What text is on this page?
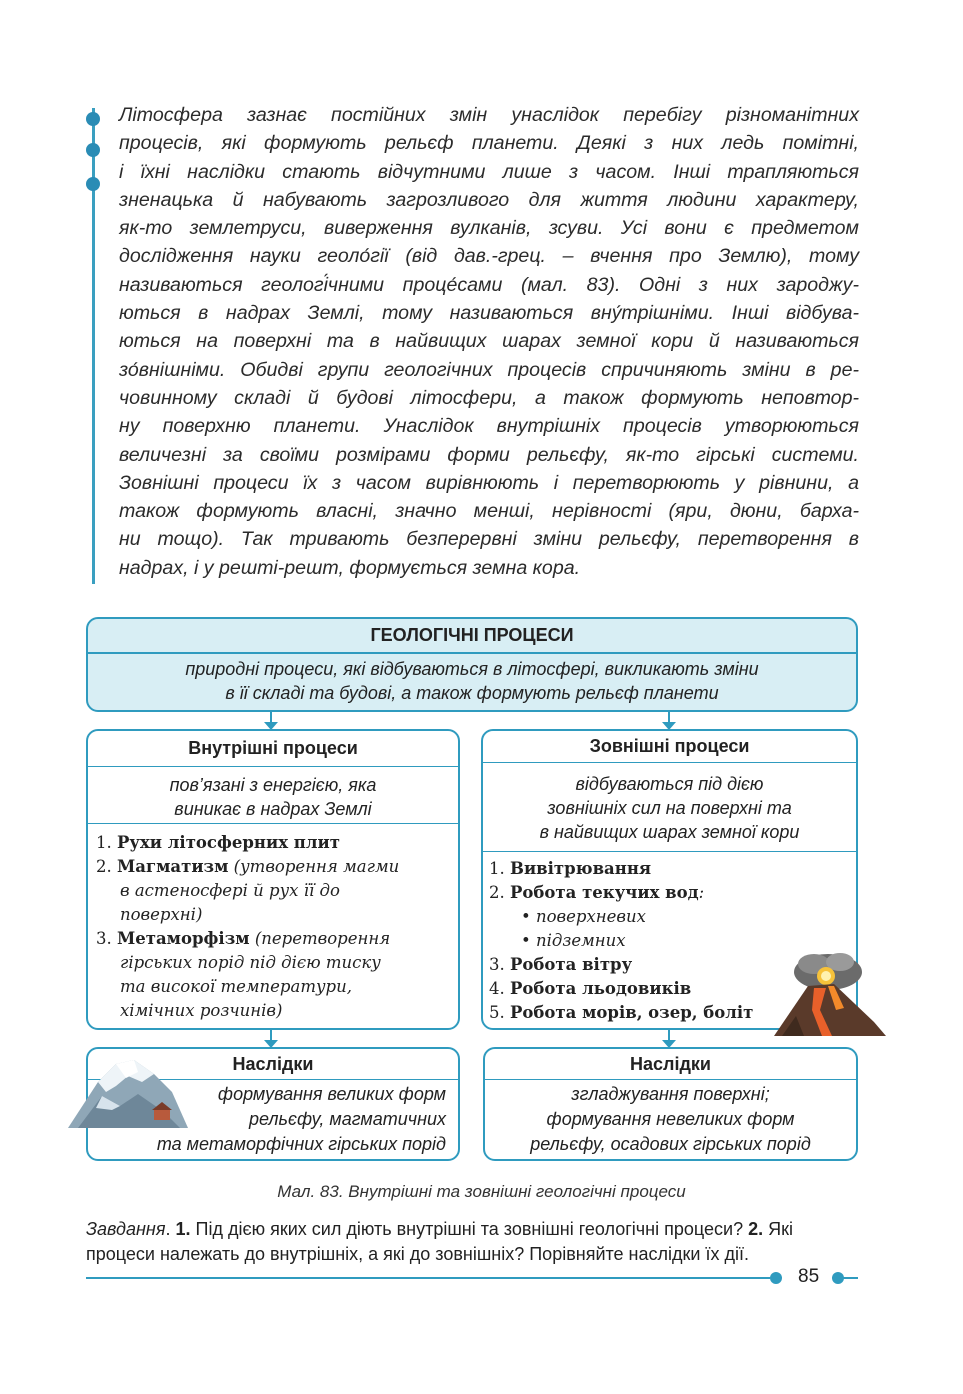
Літосфера зазнає постійних змін унаслідок перебігу різноманітних
процесів, які формують рельєф планети. Деякі з них ледь помітні,
і їхні наслідки стають відчутними лише з часом. Інші трапляються
зненацька й набувають загрозливого для життя людини характеру,
як-то землетруси, виверження вулканів, зсуви. Усі вони є предметом
дослідження науки геоло́гії (від дав.-грец. – вчення про Землю), тому
називаються геологі́чними проце́сами (мал. 83). Одні з них зароджу-
ються в надрах Землі, тому називаються вну́трішніми. Інші відбува-
ються на поверхні та в найвищих шарах земної кори й називаються
зо́внішніми. Обидві групи геологічних процесів спричиняють зміни в ре-
човинному складі й будові літосфери, а також формують неповтор-
ну поверхню планети. Унаслідок внутрішніх процесів утворюються
величезні за своїми розмірами форми рельєфу, як-то гірські системи.
Зовнішні процеси їх з часом вирівнюють і перетворюють у рівнини, а
також формують власні, значно менші, нерівності (яри, дюни, барха-
ни тощо). Так тривають безперервні зміни рельєфу, перетворення в
надрах, і у решті-решт, формується земна кора.
ГЕОЛОГІЧНІ ПРОЦЕСИ
природні процеси, які відбуваються в літосфері, викликають зміни
в її складі та будові, а також формують рельєф планети
Внутрішні процеси
пов’язані з енергією, яка
виникає в надрах Землі
1. Рухи літосферних плит
2. Магматизм (утворення магми
в астеносфері й рух її до
поверхні)
3. Метаморфізм (перетворення
гірських порід під дією тиску
та високої температури,
хімічних розчинів)
Зовнішні процеси
відбуваються під дією
зовнішніх сил на поверхні та
в найвищих шарах земної кори
1. Вивітрювання
2. Робота текучих вод:
• поверхневих
• підземних
3. Робота вітру
4. Робота льодовиків
5. Робота морів, озер, боліт
Наслідки
формування великих форм
рельєфу, магматичних
та метаморфічних гірських порід
Наслідки
згладжування поверхні;
формування невеликих форм
рельєфу, осадових гірських порід
Мал. 83. Внутрішні та зовнішні геологічні процеси
Завдання. 1. Під дією яких сил діють внутрішні та зовнішні геологічні процеси? 2. Які процеси належать до внутрішніх, а які до зовнішніх? Порівняйте наслідки їх дії.
85
